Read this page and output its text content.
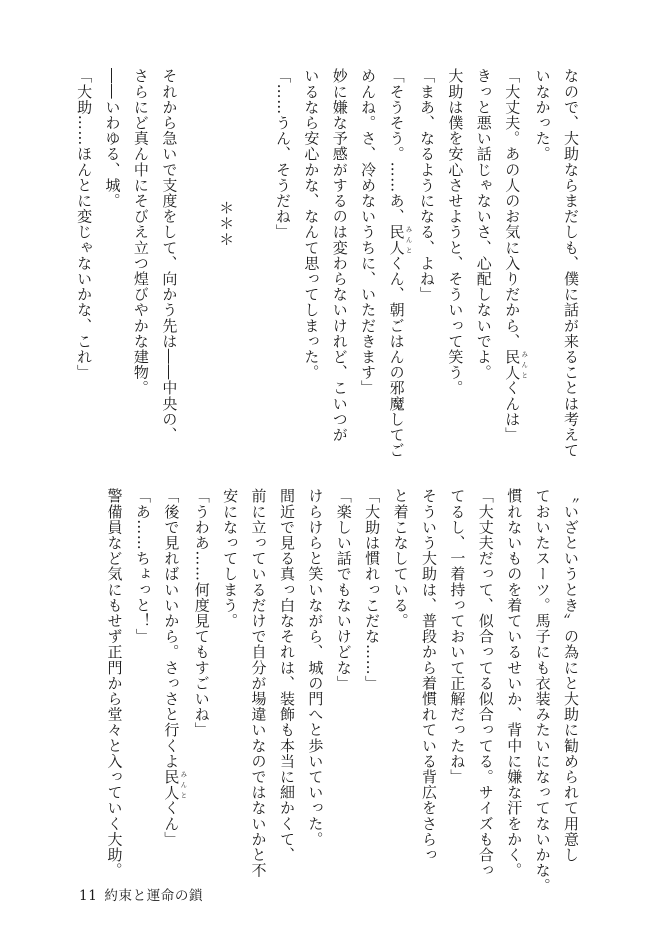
なので、大助ならまだしも、僕に話が来ることは考えて
いなかった。
「大丈夫。あの人のお気に入りだから、民人 みんとくんは」
きっと悪い話じゃないさ、心配しないでよ。
大助は僕を安心させようと、そういって笑う。
「まあ、なるようになる、よね」
「そうそう。……あ、民人 みんとくん、朝ごはんの邪魔してご
めんね。さ、冷めないうちに、いただきます」
妙に嫌な予感がするのは変わらないけれど、こいつが
いるなら安心かな、なんて思ってしまった。
「……うん、そうだね」
＊＊＊
それから急いで支度をして、向かう先は――中央の、
さらにど真ん中にそびえ立つ煌びやかな建物。
――いわゆる、城。
「大助……ほんとに変じゃないかな、これ」
〝いざというとき〟の為にと大助に勧められて用意し
ておいたスーツ。馬子にも衣装みたいになってないかな。
慣れないものを着ているせいか、背中に嫌な汗をかく。
「大丈夫だって、似合ってる似合ってる。サイズも合っ
てるし、一着持っておいて正解だったね」
そういう大助は、普段から着慣れている背広をさらっ
と着こなしている。
「大助は慣れっこだな……」
「楽しい話でもないけどな」
けらけらと笑いながら、城の門へと歩いていった。
間近で見る真っ白なそれは、装飾も本当に細かくて、
前に立っているだけで自分が場違いなのではないかと不
安になってしまう。
「うわあ……何度見てもすごいね」
「後で見ればいいから。さっさと行くよ民人 みんとくん」
「あ……ちょっと！」
警備員など気にもせず正門から堂々と入っていく大助。
11 約束と運命の鎖
